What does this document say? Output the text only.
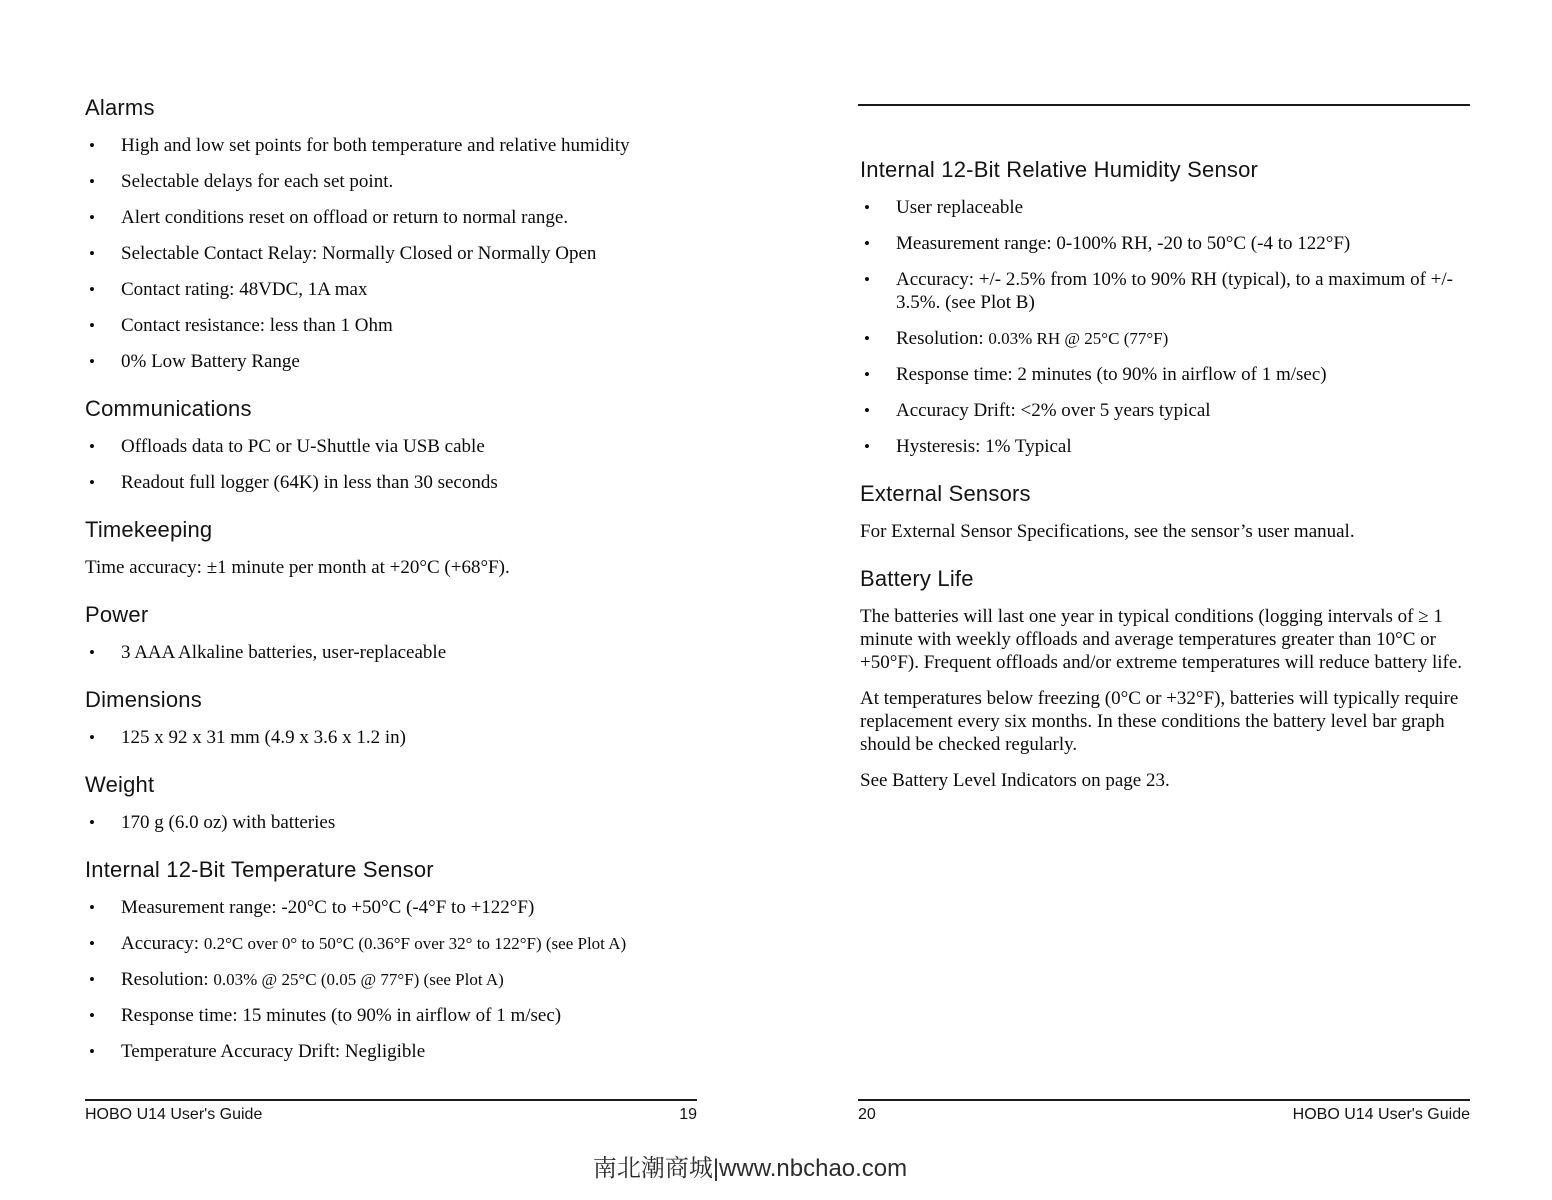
Alarms
•	High and low set points for both temperature and relative humidity
•	Selectable delays for each set point.
•	Alert conditions reset on offload or return to normal range.
•	Selectable Contact Relay: Normally Closed or Normally Open
•	Contact rating: 48VDC, 1A max
•	Contact resistance: less than 1 Ohm
•	0% Low Battery Range
Communications
•	Offloads data to PC or U-Shuttle via USB cable
•	Readout full logger (64K) in less than 30 seconds
Timekeeping
Time accuracy: ±1 minute per month at +20°C (+68°F).
Power
•	3 AAA Alkaline batteries, user-replaceable
Dimensions
•	125 x 92 x 31 mm (4.9 x 3.6 x 1.2 in)
Weight
•	170 g (6.0 oz) with batteries
Internal 12-Bit Temperature Sensor
•	Measurement range: -20°C to +50°C (-4°F to +122°F)
•	Accuracy: 0.2°C over 0° to 50°C (0.36°F over 32° to 122°F) (see Plot A)
•	Resolution: 0.03% @ 25°C (0.05 @ 77°F) (see Plot A)
•	Response time: 15 minutes (to 90% in airflow of 1 m/sec)
•	Temperature Accuracy Drift: Negligible
Internal 12-Bit Relative Humidity Sensor
•	User replaceable
•	Measurement range: 0-100% RH, -20 to 50°C (-4 to 122°F)
•	Accuracy: +/- 2.5% from 10% to 90% RH (typical), to a maximum of +/- 3.5%. (see Plot B)
•	Resolution: 0.03% RH @ 25°C (77°F)
•	Response time: 2 minutes (to 90% in airflow of 1 m/sec)
•	Accuracy Drift: <2% over 5 years typical
•	Hysteresis: 1% Typical
External Sensors
For External Sensor Specifications, see the sensor’s user manual.
Battery Life
The batteries will last one year in typical conditions (logging intervals of ≥ 1 minute with weekly offloads and average temperatures greater than 10°C or +50°F). Frequent offloads and/or extreme temperatures will reduce battery life.
At temperatures below freezing (0°C or +32°F), batteries will typically require replacement every six months. In these conditions the battery level bar graph should be checked regularly.
See Battery Level Indicators on page 23.
HOBO U14 User's Guide	19	20	HOBO U14 User's Guide
南北潮商城|www.nbchao.com
